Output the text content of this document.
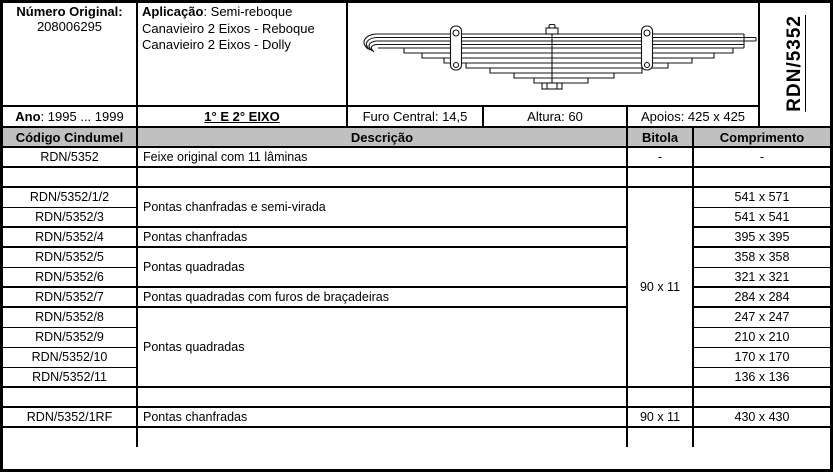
Número Original:
208006295
	Aplicação: Semi-reboque
Canavieiro 2 Eixos - Reboque
Canavieiro 2 Eixos - Dolly		RDN/5352
Ano: 1995 ... 1999	1° E 2° EIXO	Furo Central: 14,5	Altura: 60	Apoios: 425 x 425	
Código Cindumel	Descrição	Bitola	Comprimento
RDN/5352	Feixe original com 11 lâminas	-	-

RDN/5352/1/2	Pontas chanfradas e semi-virada	90 x 11	541 x 571
RDN/5352/3			541 x 541
RDN/5352/4	Pontas chanfradas		395 x 395
RDN/5352/5	Pontas quadradas		358 x 358
RDN/5352/6			321 x 321
RDN/5352/7	Pontas quadradas com furos de braçadeiras		284 x 284
RDN/5352/8	Pontas quadradas		247 x 247
RDN/5352/9			210 x 210
RDN/5352/10			170 x 170
RDN/5352/11			136 x 136

RDN/5352/1RF	Pontas chanfradas	90 x 11	430 x 430
